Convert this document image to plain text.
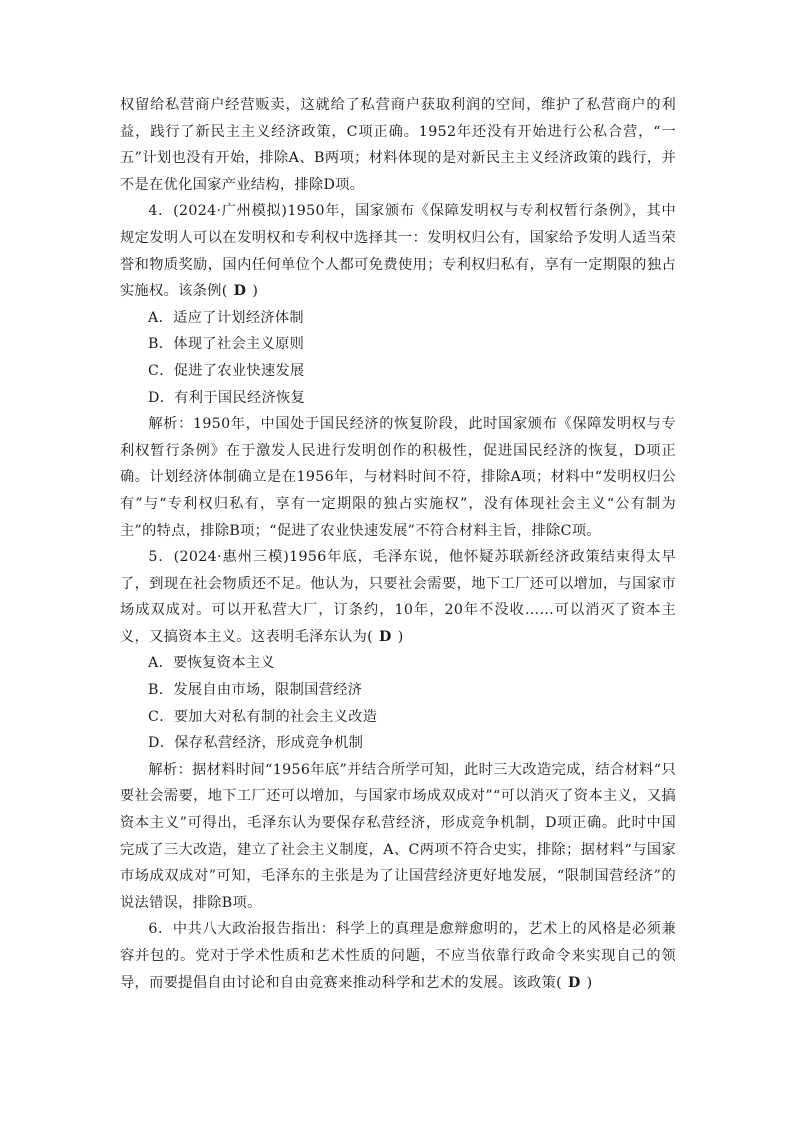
权留给私营商户经营贩卖，这就给了私营商户获取利润的空间，维护了私营商户的利益，践行了新民主主义经济政策，C项正确。1952年还没有开始进行公私合营，“一五”计划也没有开始，排除A、B两项；材料体现的是对新民主主义经济政策的践行，并不是在优化国家产业结构，排除D项。

4．(2024·广州模拟)1950年，国家颁布《保障发明权与专利权暂行条例》，其中规定发明人可以在发明权和专利权中选择其一：发明权归公有，国家给予发明人适当荣誉和物质奖励，国内任何单位个人都可免费使用；专利权归私有，享有一定期限的独占实施权。该条例( D )

A．适应了计划经济体制

B．体现了社会主义原则

C．促进了农业快速发展

D．有利于国民经济恢复

解析：1950年，中国处于国民经济的恢复阶段，此时国家颁布《保障发明权与专利权暂行条例》在于激发人民进行发明创作的积极性，促进国民经济的恢复，D项正确。计划经济体制确立是在1956年，与材料时间不符，排除A项；材料中“发明权归公有”与“专利权归私有，享有一定期限的独占实施权”，没有体现社会主义“公有制为主”的特点，排除B项；“促进了农业快速发展”不符合材料主旨，排除C项。

5．(2024·惠州三模)1956年底，毛泽东说，他怀疑苏联新经济政策结束得太早了，到现在社会物质还不足。他认为，只要社会需要，地下工厂还可以增加，与国家市场成双成对。可以开私营大厂，订条约，10年，20年不没收……可以消灭了资本主义，又搞资本主义。这表明毛泽东认为( D )

A．要恢复资本主义

B．发展自由市场，限制国营经济

C．要加大对私有制的社会主义改造

D．保存私营经济，形成竞争机制

解析：据材料时间“1956年底”并结合所学可知，此时三大改造完成，结合材料“只要社会需要，地下工厂还可以增加，与国家市场成双成对”“可以消灭了资本主义，又搞资本主义”可得出，毛泽东认为要保存私营经济，形成竞争机制，D项正确。此时中国完成了三大改造，建立了社会主义制度，A、C两项不符合史实，排除；据材料“与国家市场成双成对”可知，毛泽东的主张是为了让国营经济更好地发展，“限制国营经济”的说法错误，排除B项。

6．中共八大政治报告指出：科学上的真理是愈辩愈明的，艺术上的风格是必须兼容并包的。党对于学术性质和艺术性质的问题，不应当依靠行政命令来实现自己的领导，而要提倡自由讨论和自由竞赛来推动科学和艺术的发展。该政策( D )
